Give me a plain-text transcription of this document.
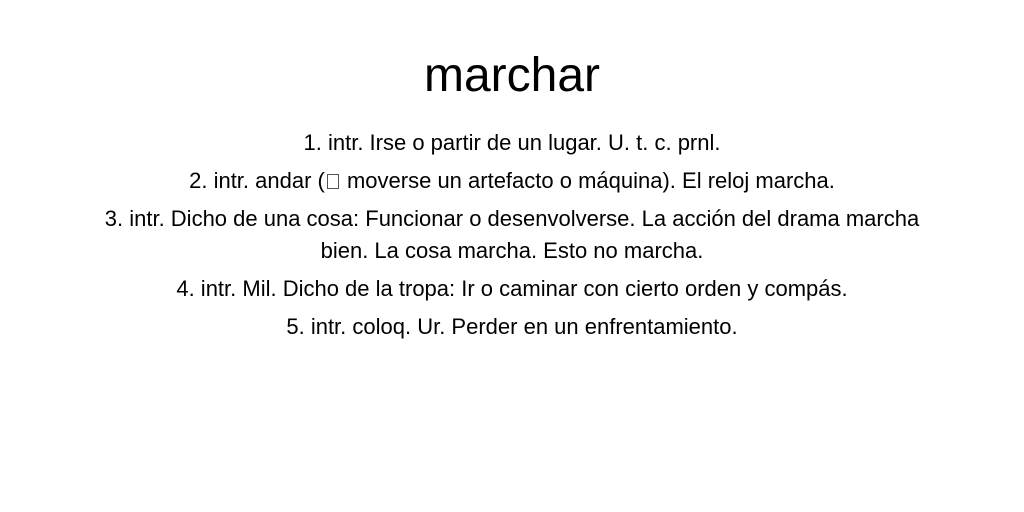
marchar
1. intr. Irse o partir de un lugar. U. t. c. prnl.
2. intr. andar ( moverse un artefacto o máquina). El reloj marcha.
3. intr. Dicho de una cosa: Funcionar o desenvolverse. La acción del drama marcha bien. La cosa marcha. Esto no marcha.
4. intr. Mil. Dicho de la tropa: Ir o caminar con cierto orden y compás.
5. intr. coloq. Ur. Perder en un enfrentamiento.
